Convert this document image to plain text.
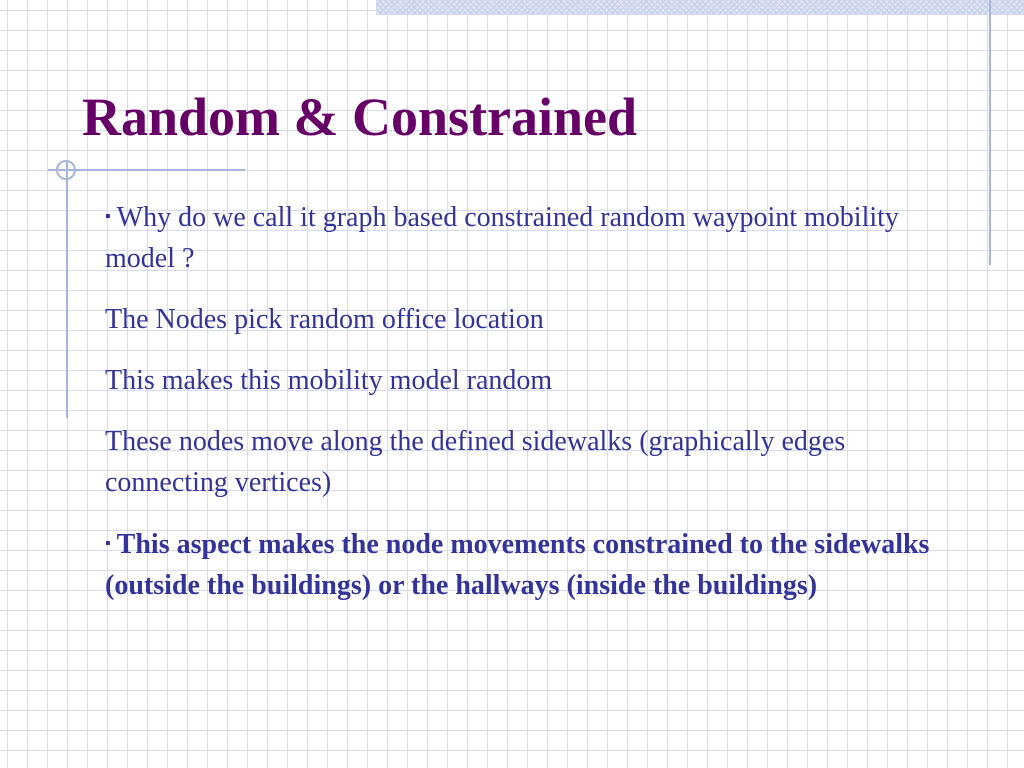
Random & Constrained

▪ Why do we call it graph based constrained random waypoint mobility model ?

The Nodes pick random office location

This makes this mobility model random

These nodes move along the defined sidewalks (graphically edges connecting vertices)

▪ This aspect makes the node movements constrained to the sidewalks (outside the buildings) or the hallways (inside the buildings)
